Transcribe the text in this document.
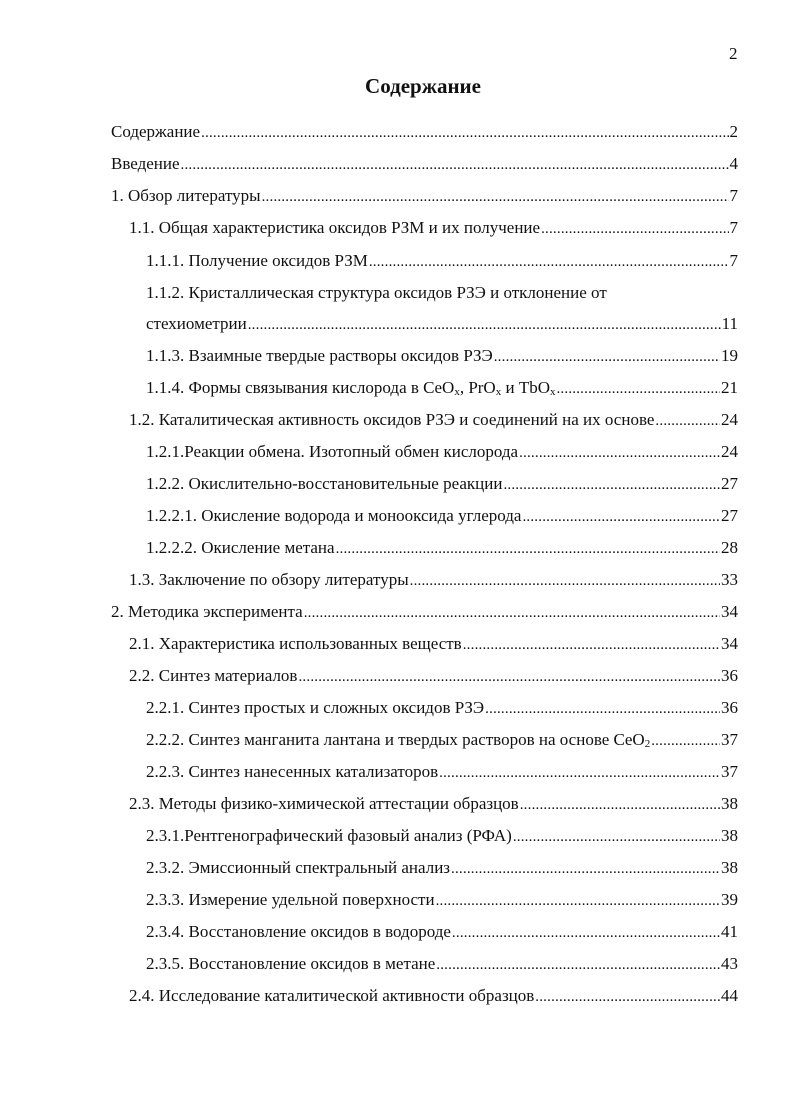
2
Содержание
Содержание .....	2
Введение .....	4
1. Обзор литературы .....	7
1.1. Общая характеристика оксидов РЗМ и их получение .....	7
1.1.1. Получение оксидов РЗМ .....	7
1.1.2. Кристаллическая структура оксидов РЗЭ и отклонение от
стехиометрии .....	11
1.1.3. Взаимные твердые растворы оксидов РЗЭ .....	19
1.1.4. Формы связывания кислорода в CeO$_x$, PrO$_x$ и TbO$_x$ .....	21
1.2. Каталитическая активность оксидов РЗЭ и соединений на их основе .....	24
1.2.1.Реакции обмена. Изотопный обмен кислорода .....	24
1.2.2. Окислительно-восстановительные реакции .....	27
1.2.2.1. Окисление водорода и монооксида углерода .....	27
1.2.2.2. Окисление метана .....	28
1.3. Заключение по обзору литературы .....	33
2. Методика эксперимента .....	34
2.1. Характеристика использованных веществ .....	34
2.2. Синтез материалов .....	36
2.2.1. Синтез простых и сложных оксидов РЗЭ .....	36
2.2.2. Синтез манганита лантана и твердых растворов на основе CeO$_2$ .....	37
2.2.3. Синтез нанесенных катализаторов .....	37
2.3. Методы физико-химической аттестации образцов .....	38
2.3.1.Рентгенографический фазовый анализ (РФА) .....	38
2.3.2. Эмиссионный спектральный анализ .....	38
2.3.3. Измерение удельной поверхности .....	39
2.3.4. Восстановление оксидов в водороде .....	41
2.3.5. Восстановление оксидов в метане .....	43
2.4. Исследование каталитической активности образцов .....	44
